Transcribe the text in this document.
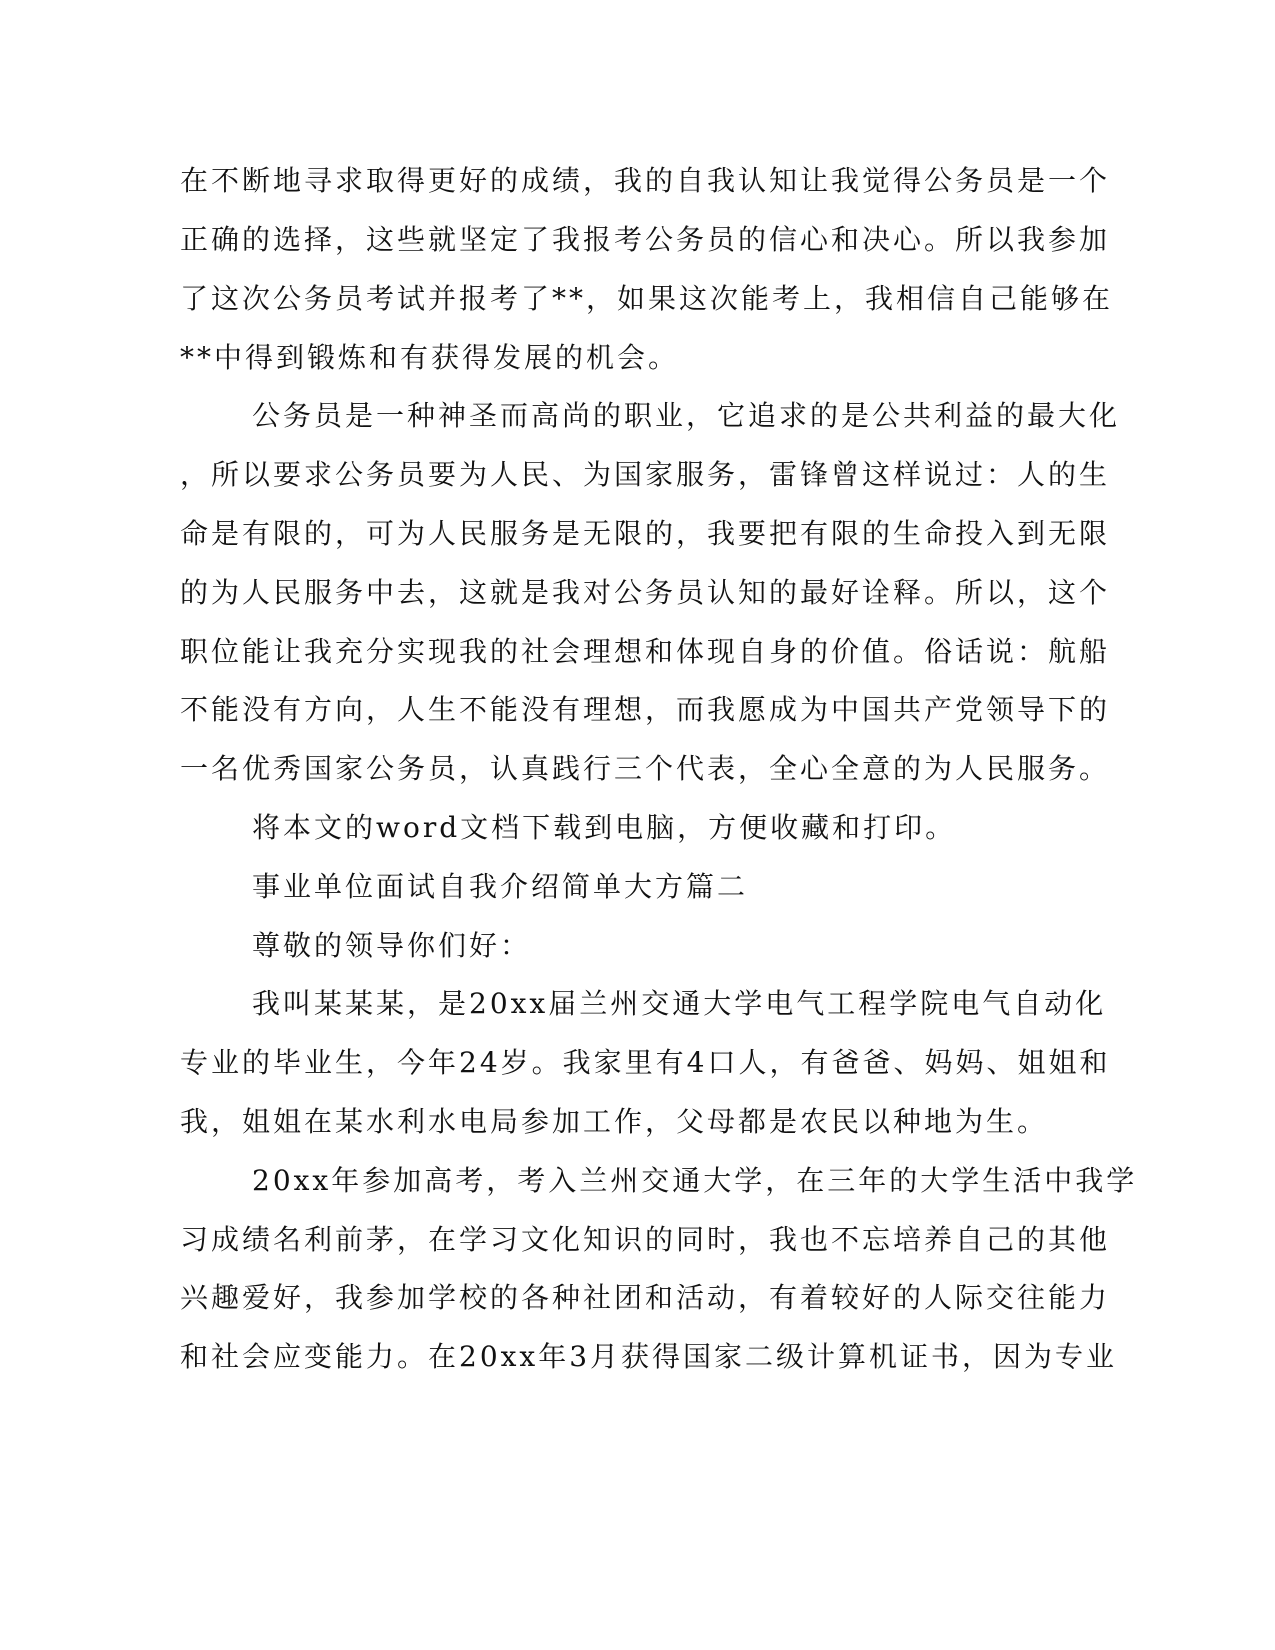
在不断地寻求取得更好的成绩，我的自我认知让我觉得公务员是一个

正确的选择，这些就坚定了我报考公务员的信心和决心。所以我参加

了这次公务员考试并报考了**，如果这次能考上，我相信自己能够在

**中得到锻炼和有获得发展的机会。

公务员是一种神圣而高尚的职业，它追求的是公共利益的最大化

，所以要求公务员要为人民、为国家服务，雷锋曾这样说过：人的生

命是有限的，可为人民服务是无限的，我要把有限的生命投入到无限

的为人民服务中去，这就是我对公务员认知的最好诠释。所以，这个

职位能让我充分实现我的社会理想和体现自身的价值。俗话说：航船

不能没有方向，人生不能没有理想，而我愿成为中国共产党领导下的

一名优秀国家公务员，认真践行三个代表，全心全意的为人民服务。

将本文的word文档下载到电脑，方便收藏和打印。

事业单位面试自我介绍简单大方篇二

尊敬的领导你们好：

我叫某某某，是20xx届兰州交通大学电气工程学院电气自动化

专业的毕业生，今年24岁。我家里有4口人，有爸爸、妈妈、姐姐和

我，姐姐在某水利水电局参加工作，父母都是农民以种地为生。

20xx年参加高考，考入兰州交通大学，在三年的大学生活中我学

习成绩名利前茅，在学习文化知识的同时，我也不忘培养自己的其他

兴趣爱好，我参加学校的各种社团和活动，有着较好的人际交往能力

和社会应变能力。在20xx年3月获得国家二级计算机证书，因为专业
